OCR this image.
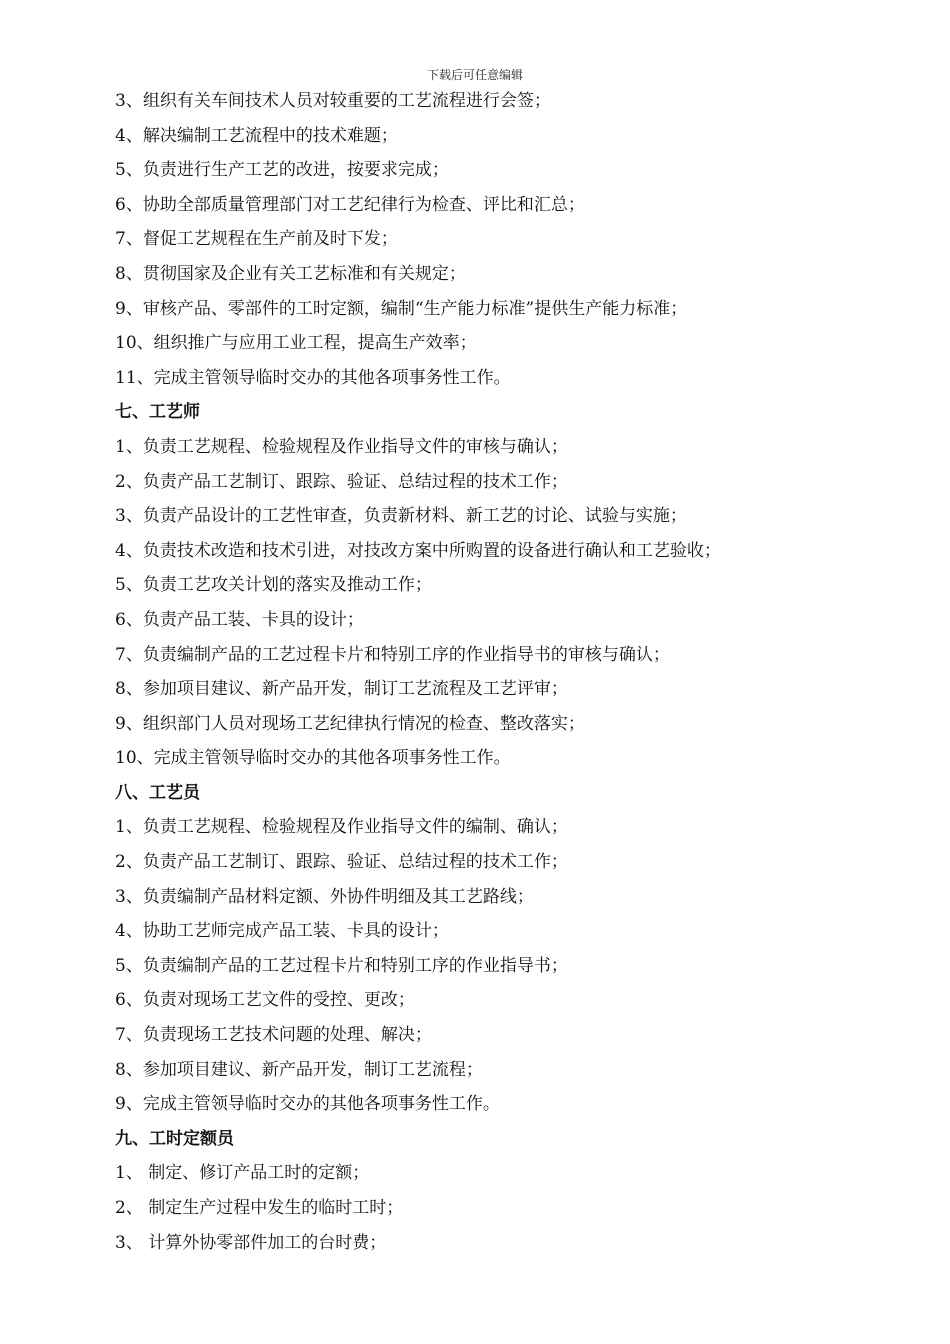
下载后可任意编辑
3、组织有关车间技术人员对较重要的工艺流程进行会签；
4、解决编制工艺流程中的技术难题；
5、负责进行生产工艺的改进，按要求完成；
6、协助全部质量管理部门对工艺纪律行为检查、评比和汇总；
7、督促工艺规程在生产前及时下发；
8、贯彻国家及企业有关工艺标准和有关规定；
9、审核产品、零部件的工时定额，编制“生产能力标准”提供生产能力标准；
10、组织推广与应用工业工程，提高生产效率；
11、完成主管领导临时交办的其他各项事务性工作。
七、工艺师
1、负责工艺规程、检验规程及作业指导文件的审核与确认；
2、负责产品工艺制订、跟踪、验证、总结过程的技术工作；
3、负责产品设计的工艺性审查，负责新材料、新工艺的讨论、试验与实施；
4、负责技术改造和技术引进，对技改方案中所购置的设备进行确认和工艺验收；
5、负责工艺攻关计划的落实及推动工作；
6、负责产品工装、卡具的设计；
7、负责编制产品的工艺过程卡片和特别工序的作业指导书的审核与确认；
8、参加项目建议、新产品开发，制订工艺流程及工艺评审；
9、组织部门人员对现场工艺纪律执行情况的检查、整改落实；
10、完成主管领导临时交办的其他各项事务性工作。
八、工艺员
1、负责工艺规程、检验规程及作业指导文件的编制、确认；
2、负责产品工艺制订、跟踪、验证、总结过程的技术工作；
3、负责编制产品材料定额、外协件明细及其工艺路线；
4、协助工艺师完成产品工装、卡具的设计；
5、负责编制产品的工艺过程卡片和特别工序的作业指导书；
6、负责对现场工艺文件的受控、更改；
7、负责现场工艺技术问题的处理、解决；
8、参加项目建议、新产品开发，制订工艺流程；
9、完成主管领导临时交办的其他各项事务性工作。
九、工时定额员
1、 制定、修订产品工时的定额；
2、 制定生产过程中发生的临时工时；
3、 计算外协零部件加工的台时费；
